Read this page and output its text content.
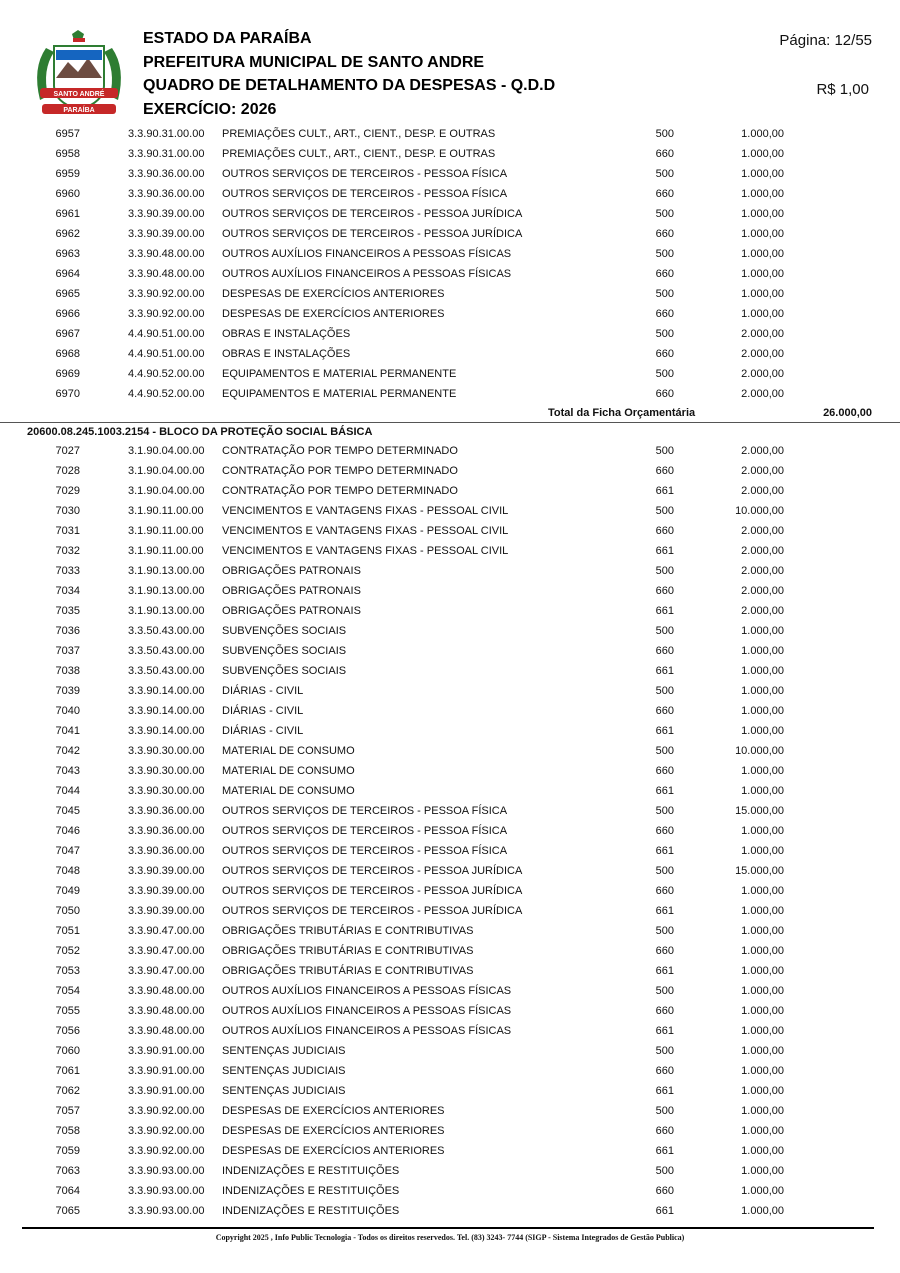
SANTO ANDRÉ
PARAÍBA
ESTADO DA PARAÍBA
PREFEITURA MUNICIPAL DE SANTO ANDRE
QUADRO DE DETALHAMENTO DA DESPESAS - Q.D.D
EXERCÍCIO: 2026
Página: 12/55
R$ 1,00
6957	3.3.90.31.00.00 PREMIAÇÕES CULT., ART., CIENT., DESP. E OUTRAS	500	1.000,00
6958	3.3.90.31.00.00 PREMIAÇÕES CULT., ART., CIENT., DESP. E OUTRAS	660	1.000,00
6959	3.3.90.36.00.00 OUTROS SERVIÇOS DE TERCEIROS - PESSOA FÍSICA	500	1.000,00
6960	3.3.90.36.00.00 OUTROS SERVIÇOS DE TERCEIROS - PESSOA FÍSICA	660	1.000,00
6961	3.3.90.39.00.00 OUTROS SERVIÇOS DE TERCEIROS - PESSOA JURÍDICA	500	1.000,00
6962	3.3.90.39.00.00 OUTROS SERVIÇOS DE TERCEIROS - PESSOA JURÍDICA	660	1.000,00
6963	3.3.90.48.00.00 OUTROS AUXÍLIOS FINANCEIROS A PESSOAS FÍSICAS	500	1.000,00
6964	3.3.90.48.00.00 OUTROS AUXÍLIOS FINANCEIROS A PESSOAS FÍSICAS	660	1.000,00
6965	3.3.90.92.00.00 DESPESAS DE EXERCÍCIOS ANTERIORES	500	1.000,00
6966	3.3.90.92.00.00 DESPESAS DE EXERCÍCIOS ANTERIORES	660	1.000,00
6967	4.4.90.51.00.00 OBRAS E INSTALAÇÕES	500	2.000,00
6968	4.4.90.51.00.00 OBRAS E INSTALAÇÕES	660	2.000,00
6969	4.4.90.52.00.00 EQUIPAMENTOS E MATERIAL PERMANENTE	500	2.000,00
6970	4.4.90.52.00.00 EQUIPAMENTOS E MATERIAL PERMANENTE	660	2.000,00
Total da Ficha Orçamentária	26.000,00
20600.08.245.1003.2154 - BLOCO DA PROTEÇÃO SOCIAL BÁSICA
7027	3.1.90.04.00.00 CONTRATAÇÃO POR TEMPO DETERMINADO	500	2.000,00
7028	3.1.90.04.00.00 CONTRATAÇÃO POR TEMPO DETERMINADO	660	2.000,00
7029	3.1.90.04.00.00 CONTRATAÇÃO POR TEMPO DETERMINADO	661	2.000,00
7030	3.1.90.11.00.00 VENCIMENTOS E VANTAGENS FIXAS - PESSOAL CIVIL	500	10.000,00
7031	3.1.90.11.00.00 VENCIMENTOS E VANTAGENS FIXAS - PESSOAL CIVIL	660	2.000,00
7032	3.1.90.11.00.00 VENCIMENTOS E VANTAGENS FIXAS - PESSOAL CIVIL	661	2.000,00
7033	3.1.90.13.00.00 OBRIGAÇÕES PATRONAIS	500	2.000,00
7034	3.1.90.13.00.00 OBRIGAÇÕES PATRONAIS	660	2.000,00
7035	3.1.90.13.00.00 OBRIGAÇÕES PATRONAIS	661	2.000,00
7036	3.3.50.43.00.00 SUBVENÇÕES SOCIAIS	500	1.000,00
7037	3.3.50.43.00.00 SUBVENÇÕES SOCIAIS	660	1.000,00
7038	3.3.50.43.00.00 SUBVENÇÕES SOCIAIS	661	1.000,00
7039	3.3.90.14.00.00 DIÁRIAS - CIVIL	500	1.000,00
7040	3.3.90.14.00.00 DIÁRIAS - CIVIL	660	1.000,00
7041	3.3.90.14.00.00 DIÁRIAS - CIVIL	661	1.000,00
7042	3.3.90.30.00.00 MATERIAL DE CONSUMO	500	10.000,00
7043	3.3.90.30.00.00 MATERIAL DE CONSUMO	660	1.000,00
7044	3.3.90.30.00.00 MATERIAL DE CONSUMO	661	1.000,00
7045	3.3.90.36.00.00 OUTROS SERVIÇOS DE TERCEIROS - PESSOA FÍSICA	500	15.000,00
7046	3.3.90.36.00.00 OUTROS SERVIÇOS DE TERCEIROS - PESSOA FÍSICA	660	1.000,00
7047	3.3.90.36.00.00 OUTROS SERVIÇOS DE TERCEIROS - PESSOA FÍSICA	661	1.000,00
7048	3.3.90.39.00.00 OUTROS SERVIÇOS DE TERCEIROS - PESSOA JURÍDICA	500	15.000,00
7049	3.3.90.39.00.00 OUTROS SERVIÇOS DE TERCEIROS - PESSOA JURÍDICA	660	1.000,00
7050	3.3.90.39.00.00 OUTROS SERVIÇOS DE TERCEIROS - PESSOA JURÍDICA	661	1.000,00
7051	3.3.90.47.00.00 OBRIGAÇÕES TRIBUTÁRIAS E CONTRIBUTIVAS	500	1.000,00
7052	3.3.90.47.00.00 OBRIGAÇÕES TRIBUTÁRIAS E CONTRIBUTIVAS	660	1.000,00
7053	3.3.90.47.00.00 OBRIGAÇÕES TRIBUTÁRIAS E CONTRIBUTIVAS	661	1.000,00
7054	3.3.90.48.00.00 OUTROS AUXÍLIOS FINANCEIROS A PESSOAS FÍSICAS	500	1.000,00
7055	3.3.90.48.00.00 OUTROS AUXÍLIOS FINANCEIROS A PESSOAS FÍSICAS	660	1.000,00
7056	3.3.90.48.00.00 OUTROS AUXÍLIOS FINANCEIROS A PESSOAS FÍSICAS	661	1.000,00
7060	3.3.90.91.00.00 SENTENÇAS JUDICIAIS	500	1.000,00
7061	3.3.90.91.00.00 SENTENÇAS JUDICIAIS	660	1.000,00
7062	3.3.90.91.00.00 SENTENÇAS JUDICIAIS	661	1.000,00
7057	3.3.90.92.00.00 DESPESAS DE EXERCÍCIOS ANTERIORES	500	1.000,00
7058	3.3.90.92.00.00 DESPESAS DE EXERCÍCIOS ANTERIORES	660	1.000,00
7059	3.3.90.92.00.00 DESPESAS DE EXERCÍCIOS ANTERIORES	661	1.000,00
7063	3.3.90.93.00.00 INDENIZAÇÕES E RESTITUIÇÕES	500	1.000,00
7064	3.3.90.93.00.00 INDENIZAÇÕES E RESTITUIÇÕES	660	1.000,00
7065	3.3.90.93.00.00 INDENIZAÇÕES E RESTITUIÇÕES	661	1.000,00
Copyright 2025 , Info Public Tecnologia - Todos os direitos reservedos. Tel. (83) 3243- 7744 (SIGP - Sistema Integrados de Gestão Publica)
